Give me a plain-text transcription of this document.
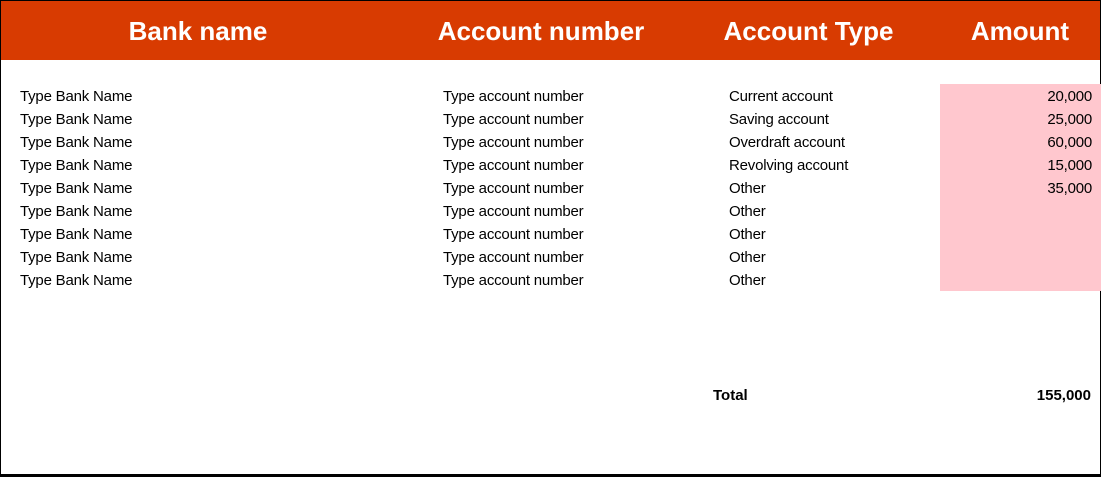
Bank name	Account number	Account Type	Amount
Type Bank Name	Type account number	Current account	20,000
Type Bank Name	Type account number	Saving account	25,000
Type Bank Name	Type account number	Overdraft account	60,000
Type Bank Name	Type account number	Revolving account	15,000
Type Bank Name	Type account number	Other	35,000
Type Bank Name	Type account number	Other
Type Bank Name	Type account number	Other
Type Bank Name	Type account number	Other
Type Bank Name	Type account number	Other
Total	155,000
